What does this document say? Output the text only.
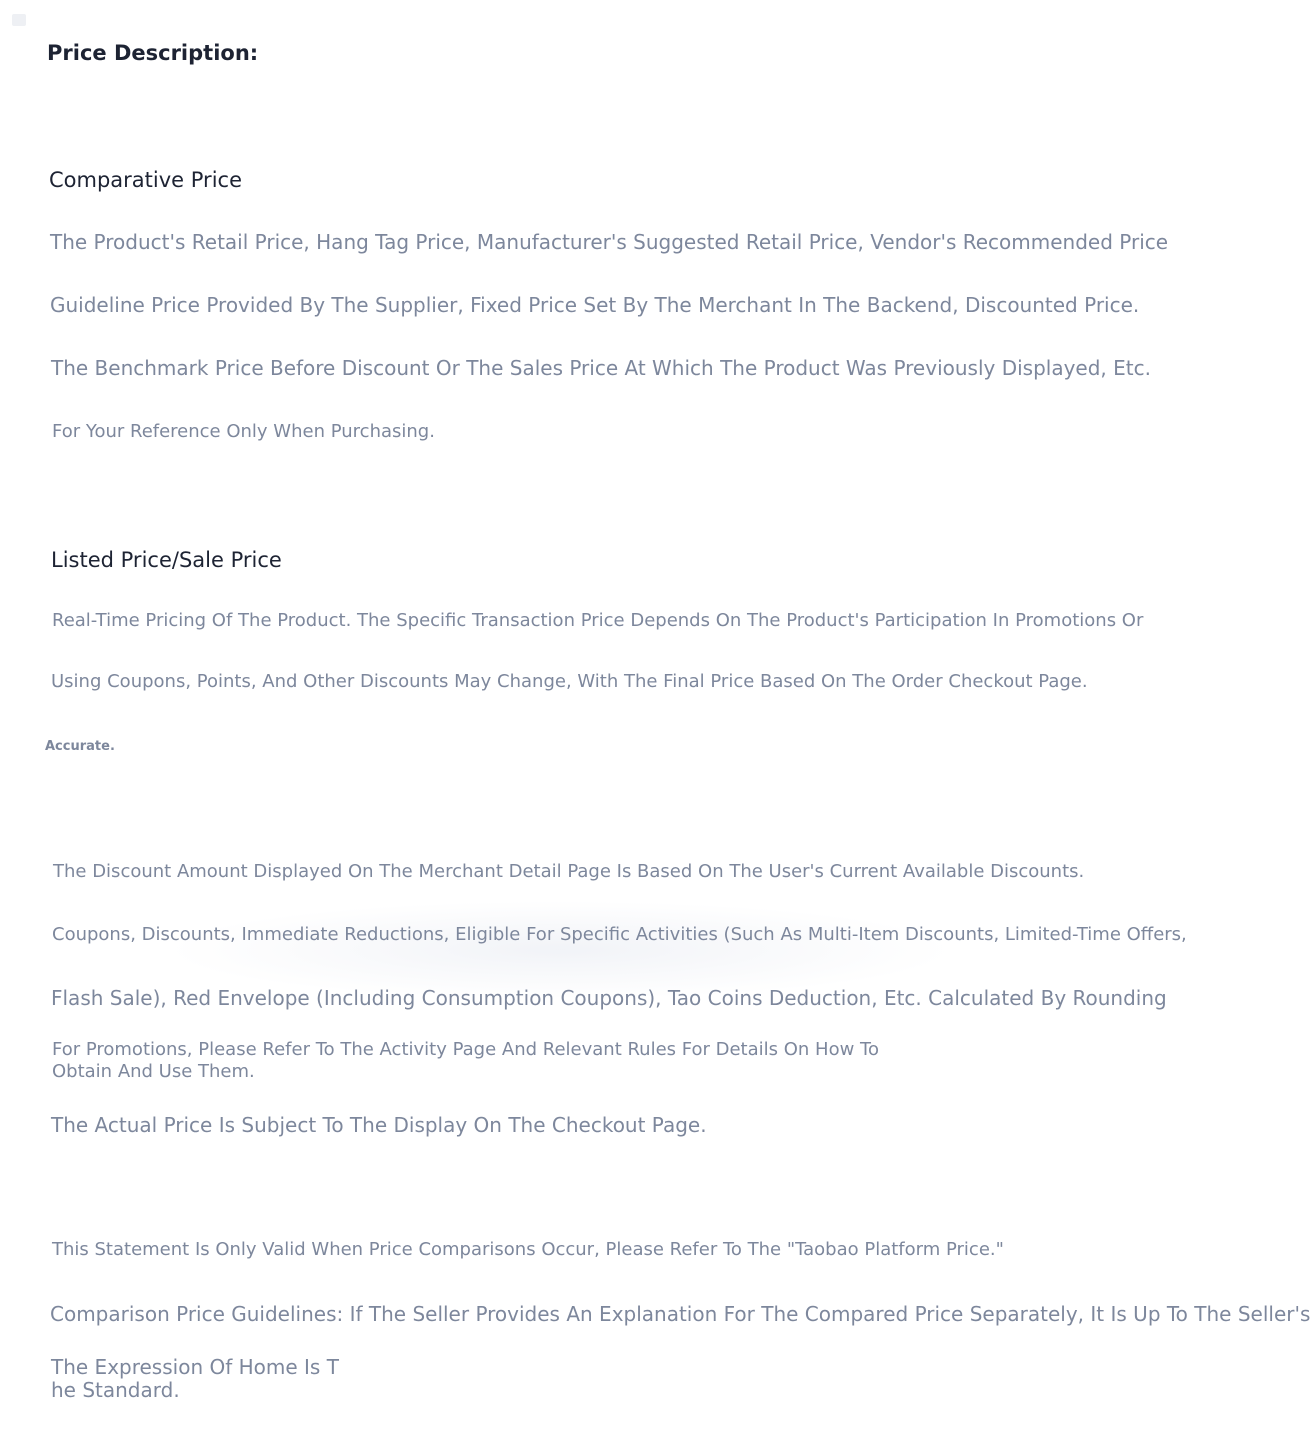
Price Description:
Comparative Price
The Product's Retail Price, Hang Tag Price, Manufacturer's Suggested Retail Price, Vendor's Recommended Price
Guideline Price Provided By The Supplier, Fixed Price Set By The Merchant In The Backend, Discounted Price.
The Benchmark Price Before Discount Or The Sales Price At Which The Product Was Previously Displayed, Etc.
For Your Reference Only When Purchasing.
Listed Price/Sale Price
Real-Time Pricing Of The Product. The Specific Transaction Price Depends On The Product's Participation In Promotions Or
Using Coupons, Points, And Other Discounts May Change, With The Final Price Based On The Order Checkout Page.
Accurate.
The Discount Amount Displayed On The Merchant Detail Page Is Based On The User's Current Available Discounts.
Coupons, Discounts, Immediate Reductions, Eligible For Specific Activities (Such As Multi-Item Discounts, Limited-Time Offers,
Flash Sale), Red Envelope (Including Consumption Coupons), Tao Coins Deduction, Etc. Calculated By Rounding
For Promotions, Please Refer To The Activity Page And Relevant Rules For Details On How To
Obtain And Use Them.
The Actual Price Is Subject To The Display On The Checkout Page.
This Statement Is Only Valid When Price Comparisons Occur, Please Refer To The "Taobao Platform Price."
Comparison Price Guidelines: If The Seller Provides An Explanation For The Compared Price Separately, It Is Up To The Seller's
The Expression Of Home Is T
he Standard.
